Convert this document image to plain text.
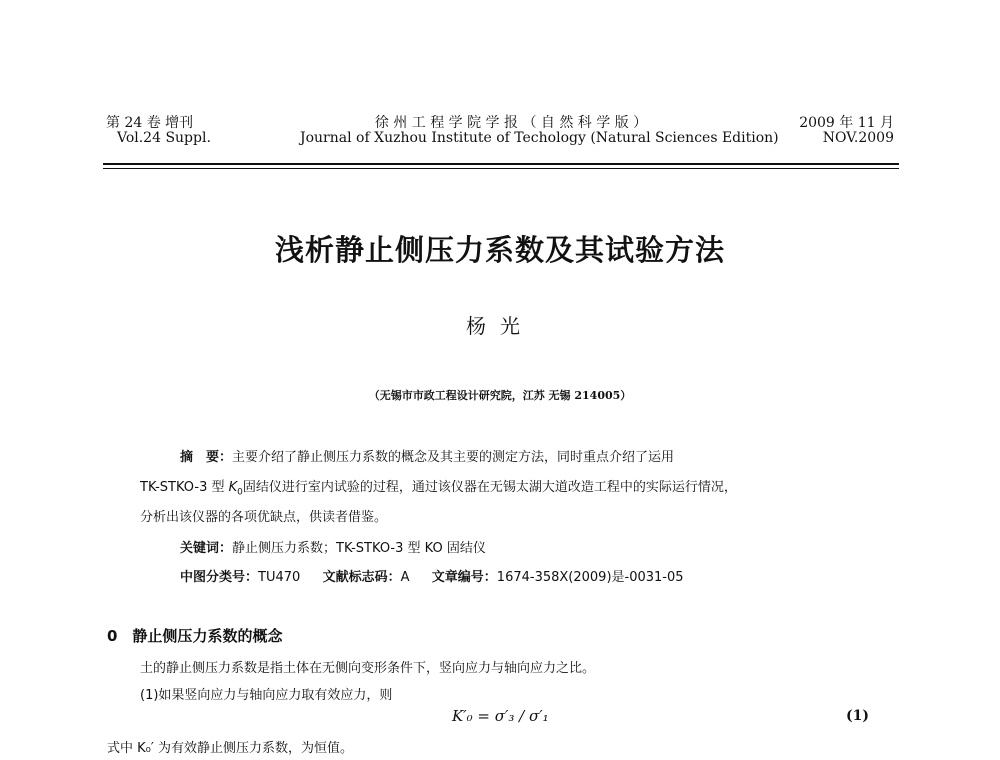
第 24 卷 增刊
Vol.24 Suppl.
徐 州 工 程 学 院 学 报 （ 自 然 科 学 版 ）
Journal of Xuzhou Institute of Techology (Natural Sciences Edition)
2009 年 11 月
NOV.2009
浅析静止侧压力系数及其试验方法
杨光
（无锡市市政工程设计研究院，江苏 无锡 214005）
摘　要：主要介绍了静止侧压力系数的概念及其主要的测定方法，同时重点介绍了运用
TK-STKO-3 型 $K_0$固结仪进行室内试验的过程，通过该仪器在无锡太湖大道改造工程中的实际运行情况，
分析出该仪器的各项优缺点，供读者借鉴。
关键词：静止侧压力系数；TK-STKO-3 型 KO 固结仪
中图分类号：TU470 文献标志码：A 文章编号：1674-358X(2009)是-0031-05
0　静止侧压力系数的概念
土的静止侧压力系数是指土体在无侧向变形条件下，竖向应力与轴向应力之比。
(1)如果竖向应力与轴向应力取有效应力，则
K′₀ = σ′₃ / σ′₁	(1)
式中 K₀′ 为有效静止侧压力系数，为恒值。
